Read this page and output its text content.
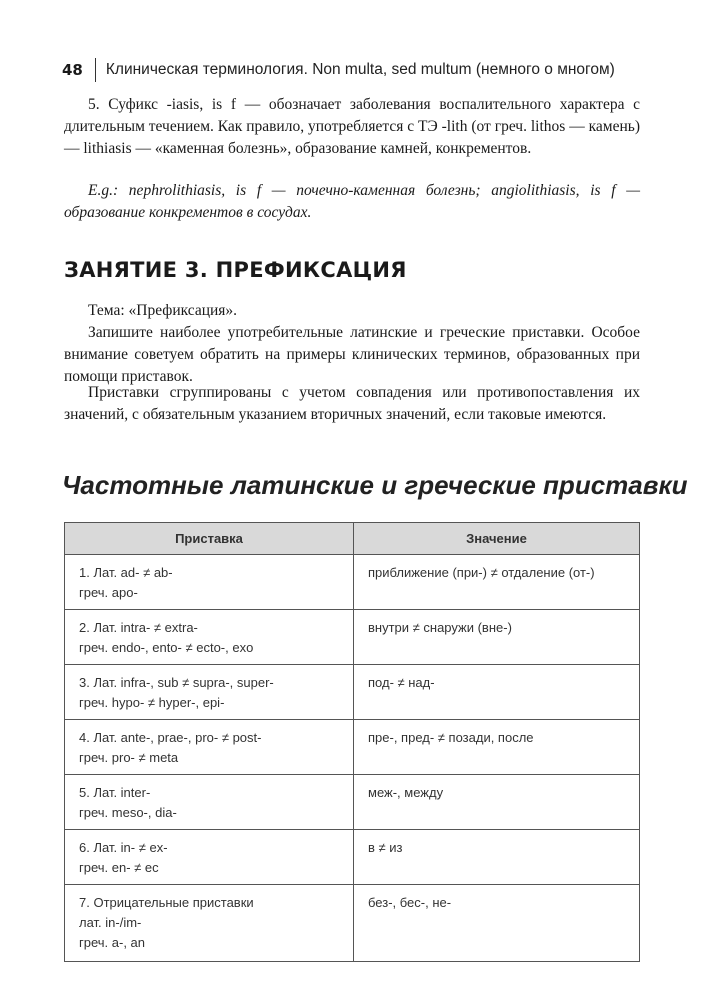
48 Клиническая терминология. Non multa, sed multum (немного о многом)

5. Суфикс -iasis, is f — обозначает заболевания воспалительного характера с длительным течением. Как правило, употребляется с ТЭ -lith (от греч. lithos — камень) — lithiasis — «каменная болезнь», образование камней, конкрементов.

E.g.: nephrolithiasis, is f — почечно-каменная болезнь; angiolithiasis, is f — образование конкрементов в сосудах.

ЗАНЯТИЕ 3. ПРЕФИКСАЦИЯ

Тема: «Префиксация».

Запишите наиболее употребительные латинские и греческие приставки. Особое внимание советуем обратить на примеры клинических терминов, образованных при помощи приставок.

Приставки сгруппированы с учетом совпадения или противопоставления их значений, с обязательным указанием вторичных значений, если таковые имеются.

Частотные латинские и греческие приставки
Приставка	Значение

1. Лат. ad- ≠ ab-
греч. apo-	приближение (при-) ≠ отдаление (от-)

2. Лат. intra- ≠ extra-
греч. endo-, ento- ≠ ecto-, exo	внутри ≠ снаружи (вне-)

3. Лат. infra-, sub ≠ supra-, super-
греч. hypo- ≠ hyper-, epi-	под- ≠ над-

4. Лат. ante-, prae-, pro- ≠ post-
греч. pro- ≠ meta	пре-, пред- ≠ позади, после

5. Лат. inter-
греч. meso-, dia-	меж-, между

6. Лат. in- ≠ ex-
греч. en- ≠ ec	в ≠ из

7. Отрицательные приставки
лат. in-/im-
греч. a-, an	без-, бес-, не-
